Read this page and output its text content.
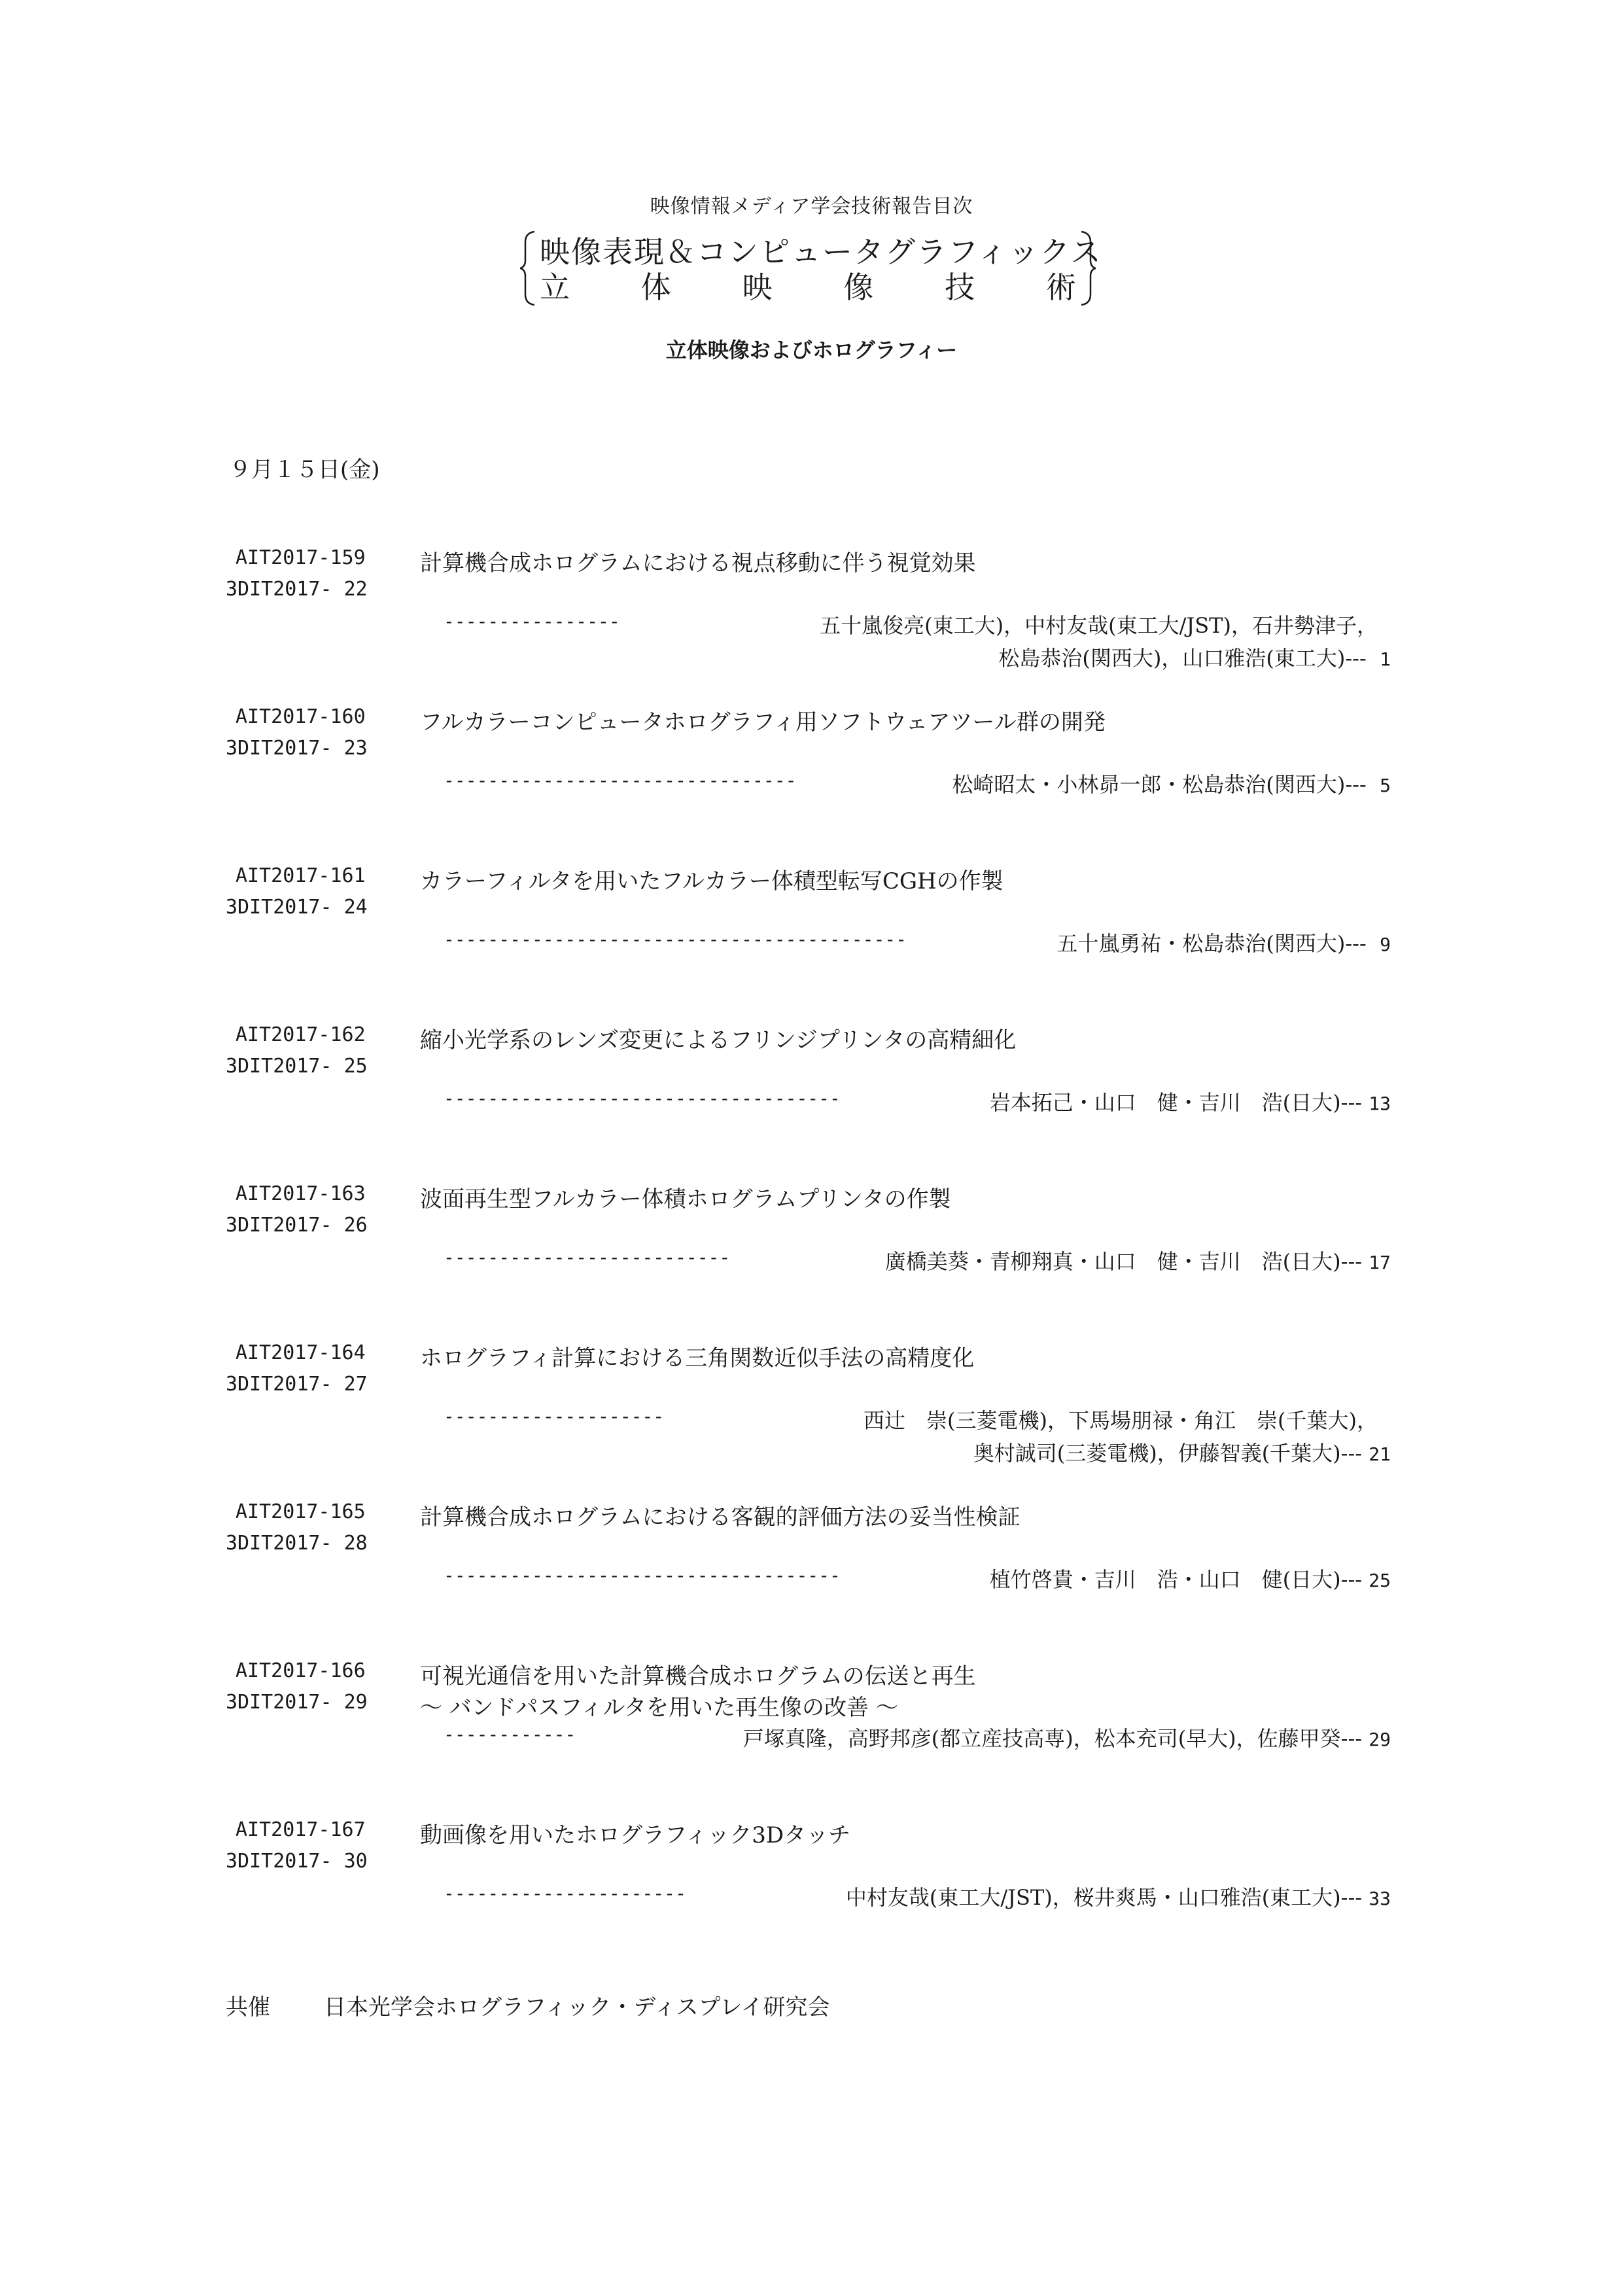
映像情報メディア学会技術報告目次
映像表現＆コンピュータグラフィックス
立 体 映 像 技 術
立体映像およびホログラフィー
９月１５日(金)
AIT2017-159
3DIT2017- 22
計算機合成ホログラムにおける視点移動に伴う視覚効果
----------------	五十嵐俊亮(東工大)，中村友哉(東工大/JST)，石井勢津子，
松島恭治(関西大)，山口雅浩(東工大)--- 1
AIT2017-160
3DIT2017- 23
フルカラーコンピュータホログラフィ用ソフトウェアツール群の開発
--------------------------------	松崎昭太・小林昴一郎・松島恭治(関西大)--- 5
AIT2017-161
3DIT2017- 24
カラーフィルタを用いたフルカラー体積型転写CGHの作製
------------------------------------------	五十嵐勇祐・松島恭治(関西大)--- 9
AIT2017-162
3DIT2017- 25
縮小光学系のレンズ変更によるフリンジプリンタの高精細化
------------------------------------	岩本拓己・山口　健・吉川　浩(日大)--- 13
AIT2017-163
3DIT2017- 26
波面再生型フルカラー体積ホログラムプリンタの作製
--------------------------	廣橋美葵・青柳翔真・山口　健・吉川　浩(日大)--- 17
AIT2017-164
3DIT2017- 27
ホログラフィ計算における三角関数近似手法の高精度化
--------------------	西辻　崇(三菱電機)，下馬場朋禄・角江　崇(千葉大)，
奥村誠司(三菱電機)，伊藤智義(千葉大)--- 21
AIT2017-165
3DIT2017- 28
計算機合成ホログラムにおける客観的評価方法の妥当性検証
------------------------------------	植竹啓貴・吉川　浩・山口　健(日大)--- 25
AIT2017-166
3DIT2017- 29
可視光通信を用いた計算機合成ホログラムの伝送と再生
～ バンドパスフィルタを用いた再生像の改善 ～
------------	戸塚真隆，高野邦彦(都立産技高専)，松本充司(早大)，佐藤甲癸--- 29
AIT2017-167
3DIT2017- 30
動画像を用いたホログラフィック3Dタッチ
----------------------	中村友哉(東工大/JST)，桜井爽馬・山口雅浩(東工大)--- 33
共催 日本光学会ホログラフィック・ディスプレイ研究会
